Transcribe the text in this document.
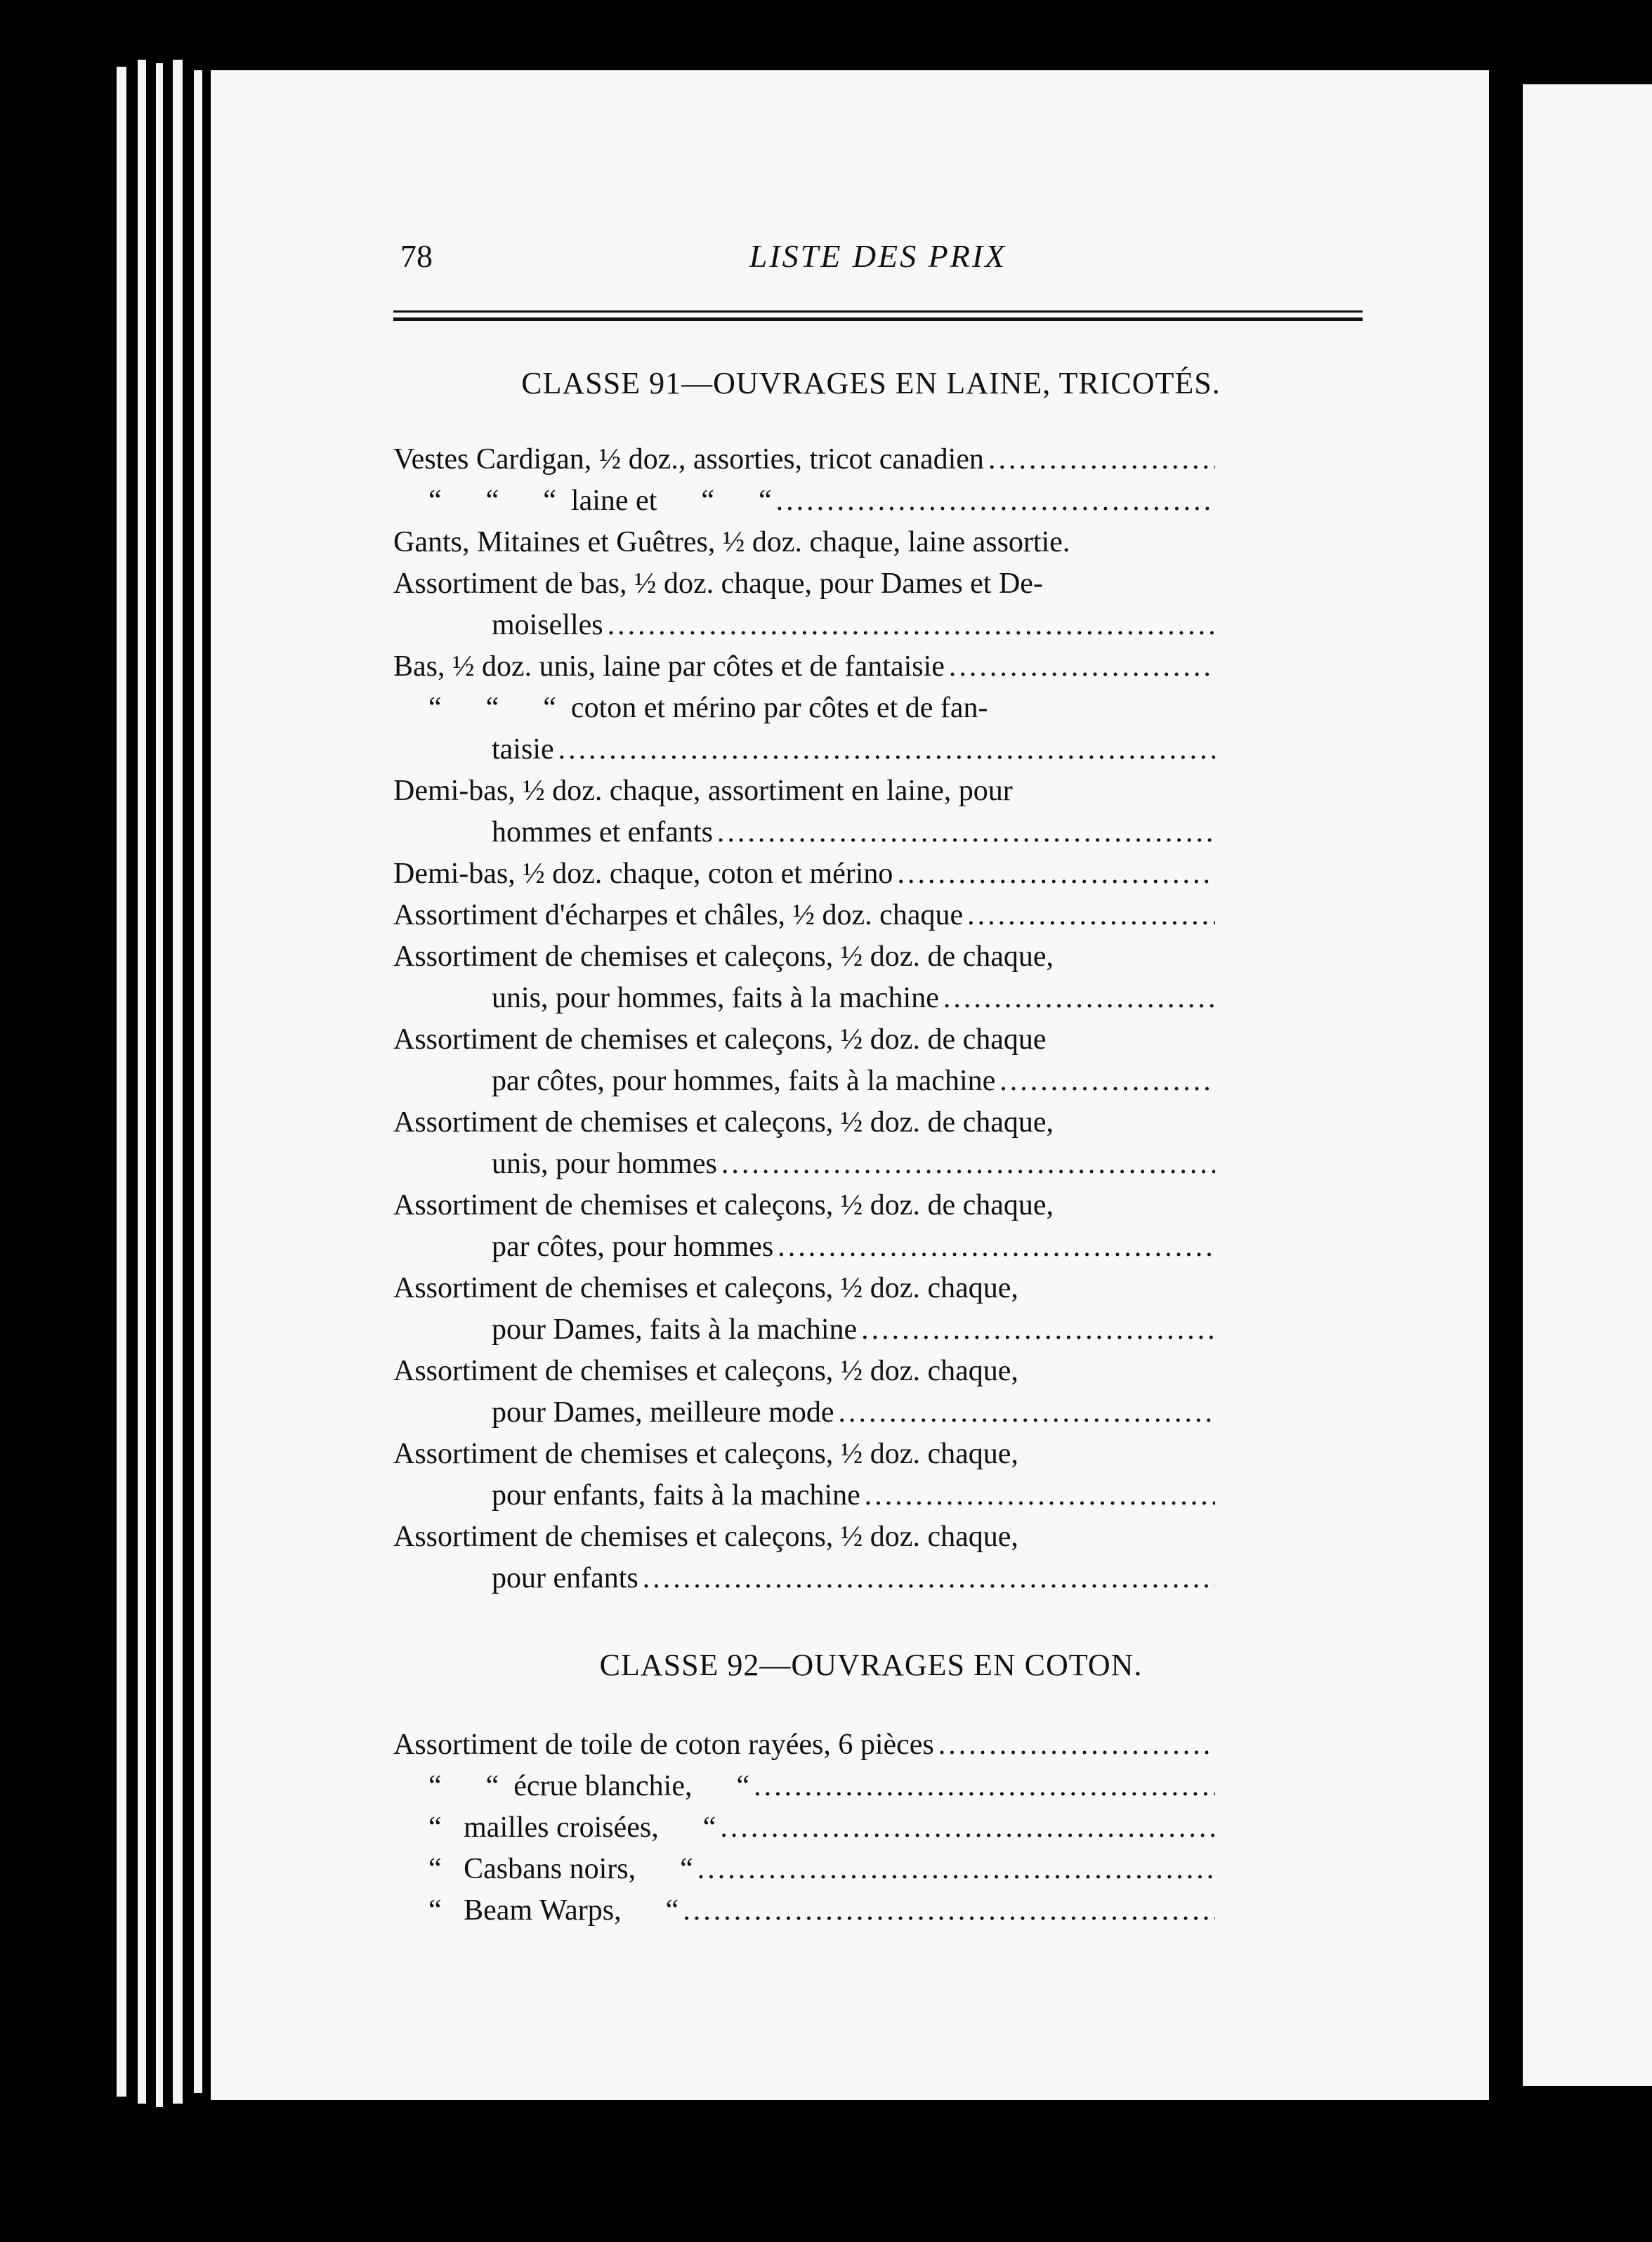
78	LISTE DES PRIX
CLASSE 91—OUVRAGES EN LAINE, TRICOTÉS.
Vestes Cardigan, ½ doz., assorties, tricot canadien
.....
“      “      “  laine et      “      “
.....
Gants, Mitaines et Guêtres, ½ doz. chaque, laine assortie.
Assortiment de bas, ½ doz. chaque, pour Dames et De-
moiselles
.....
Bas, ½ doz. unis, laine par côtes et de fantaisie
.....
“      “      “  coton et mérino par côtes et de fan-
taisie
.....
Demi-bas, ½ doz. chaque, assortiment en laine, pour
hommes et enfants
.....
Demi-bas, ½ doz. chaque, coton et mérino
.....
Assortiment d'écharpes et châles, ½ doz. chaque
.....
Assortiment de chemises et caleçons, ½ doz. de chaque,
unis, pour hommes, faits à la machine
.....
Assortiment de chemises et caleçons, ½ doz. de chaque
par côtes, pour hommes, faits à la machine
.....
Assortiment de chemises et caleçons, ½ doz. de chaque,
unis, pour hommes
.....
Assortiment de chemises et caleçons, ½ doz. de chaque,
par côtes, pour hommes
.....
Assortiment de chemises et caleçons, ½ doz. chaque,
pour Dames, faits à la machine
.....
Assortiment de chemises et caleçons, ½ doz. chaque,
pour Dames, meilleure mode
.....
Assortiment de chemises et caleçons, ½ doz. chaque,
pour enfants, faits à la machine
.....
Assortiment de chemises et caleçons, ½ doz. chaque,
pour enfants
.....
CLASSE 92—OUVRAGES EN COTON.
Assortiment de toile de coton rayées, 6 pièces
.....
“      “  écrue blanchie,      “
.....
“   mailles croisées,      “
.....
“   Casbans noirs,      “
.....
“   Beam Warps,      “
.....
